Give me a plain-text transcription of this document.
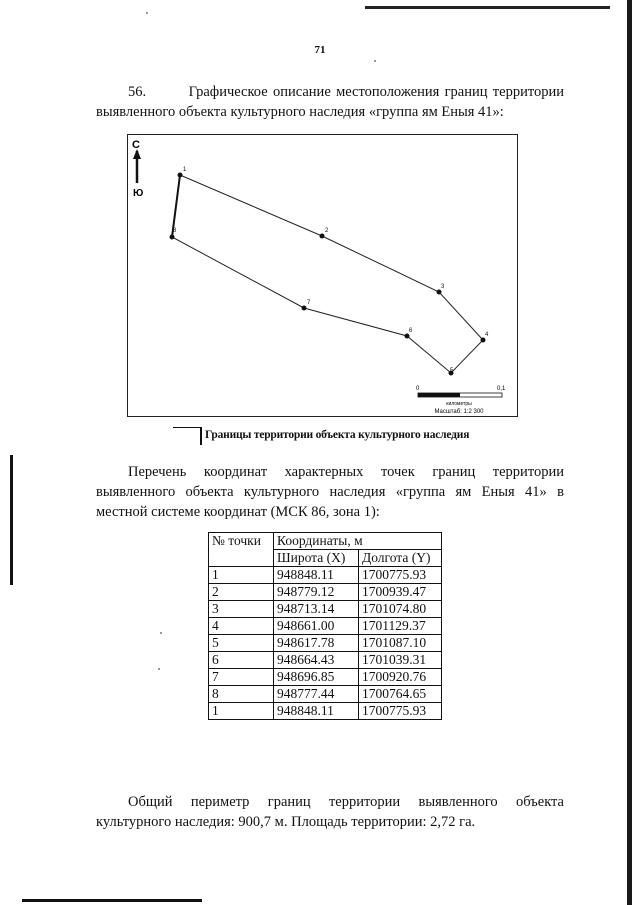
71
56.	Графическое описание местоположения границ территории
выявленного объекта культурного наследия «группа ям Еныя 41»:
С
Ю
1
2
3
4
5
6
7
8
0	0,1
километры
Масштаб: 1:2 300
Границы территории объекта культурного наследия
Перечень координат характерных точек границ территории
выявленного объекта культурного наследия «группа ям Еныя 41» в
местной системе координат (МСК 86, зона 1):
№ точки	Координаты, м	
	Широта (X)	Долгота (Y)
1	948848.11	1700775.93
2	948779.12	1700939.47
3	948713.14	1701074.80
4	948661.00	1701129.37
5	948617.78	1701087.10
6	948664.43	1701039.31
7	948696.85	1700920.76
8	948777.44	1700764.65
1	948848.11	1700775.93
Общий периметр границ территории выявленного объекта
культурного наследия: 900,7 м. Площадь территории: 2,72 га.
